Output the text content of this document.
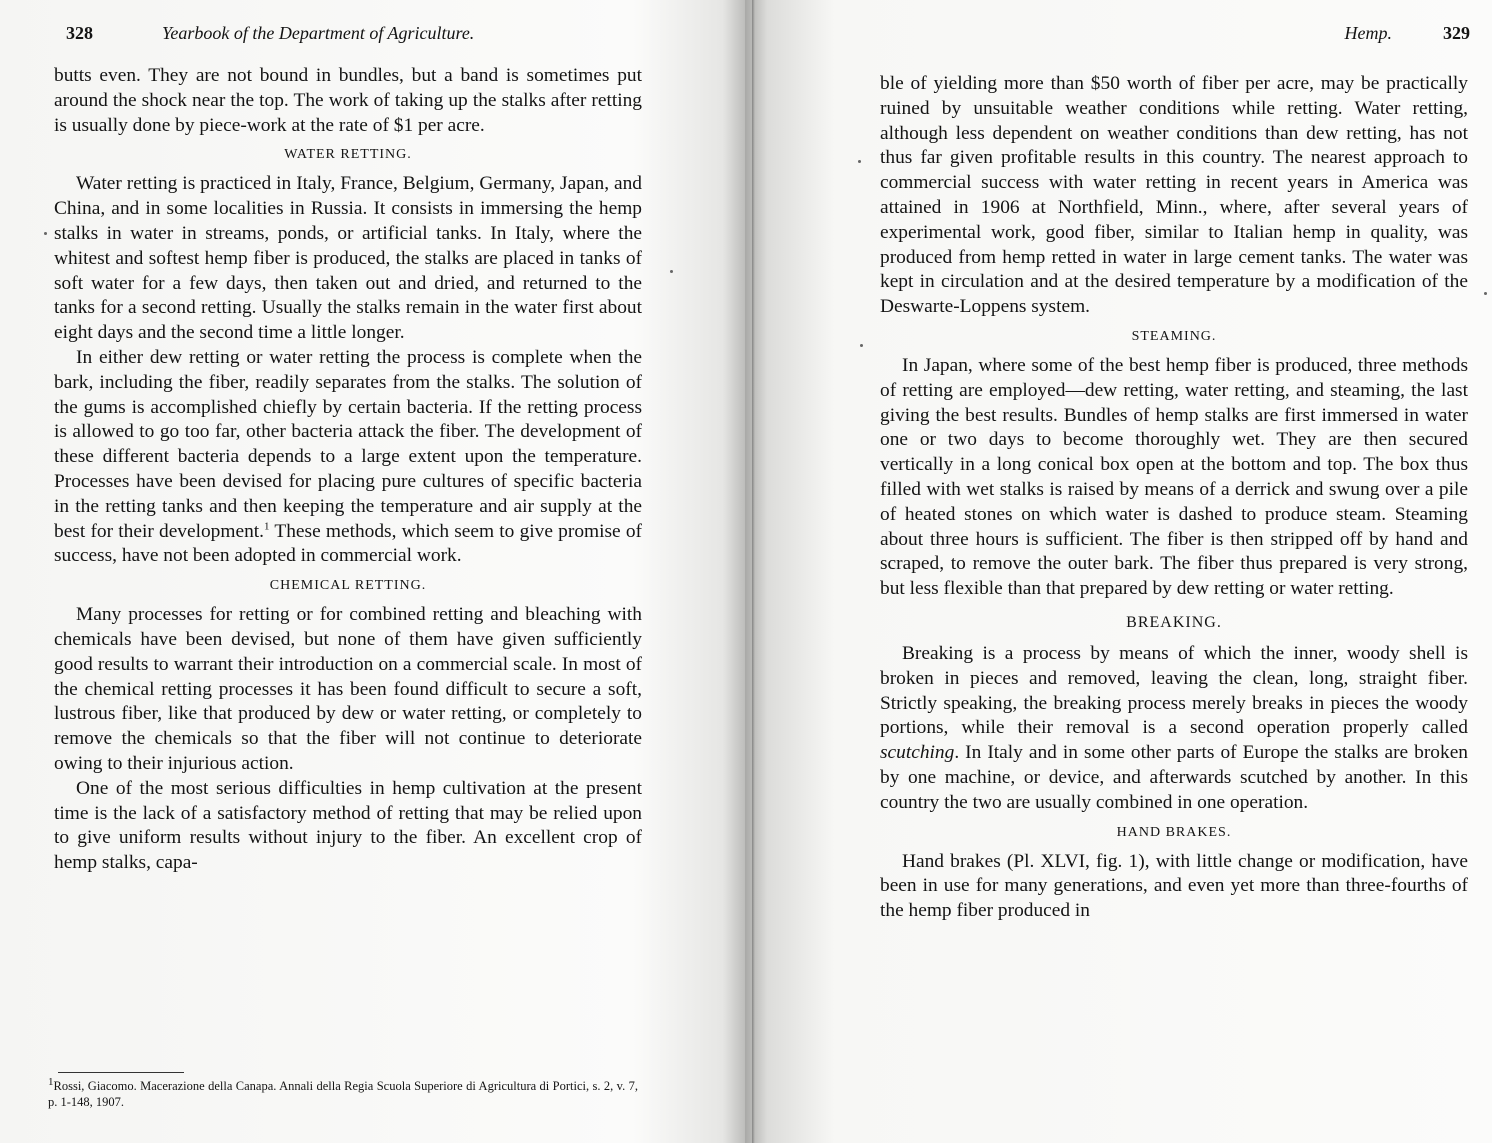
328	Yearbook of the Department of Agriculture.

butts even. They are not bound in bundles, but a band is sometimes put around the shock near the top. The work of taking up the stalks after retting is usually done by piece-work at the rate of $1 per acre.

WATER RETTING.

Water retting is practiced in Italy, France, Belgium, Germany, Japan, and China, and in some localities in Russia. It consists in immersing the hemp stalks in water in streams, ponds, or artificial tanks. In Italy, where the whitest and softest hemp fiber is produced, the stalks are placed in tanks of soft water for a few days, then taken out and dried, and returned to the tanks for a second retting. Usually the stalks remain in the water first about eight days and the second time a little longer.

In either dew retting or water retting the process is complete when the bark, including the fiber, readily separates from the stalks. The solution of the gums is accomplished chiefly by certain bacteria. If the retting process is allowed to go too far, other bacteria attack the fiber. The development of these different bacteria depends to a large extent upon the temperature. Processes have been devised for placing pure cultures of specific bacteria in the retting tanks and then keeping the temperature and air supply at the best for their development.$^1$ These methods, which seem to give promise of success, have not been adopted in commercial work.

CHEMICAL RETTING.

Many processes for retting or for combined retting and bleaching with chemicals have been devised, but none of them have given sufficiently good results to warrant their introduction on a commercial scale. In most of the chemical retting processes it has been found difficult to secure a soft, lustrous fiber, like that produced by dew or water retting, or completely to remove the chemicals so that the fiber will not continue to deteriorate owing to their injurious action.

One of the most serious difficulties in hemp cultivation at the present time is the lack of a satisfactory method of retting that may be relied upon to give uniform results without injury to the fiber. An excellent crop of hemp stalks, capa-

$^1$Rossi, Giacomo. Macerazione della Canapa. Annali della Regia Scuola Superiore di Agricultura di Portici, s. 2, v. 7, p. 1-148, 1907.
Hemp.	329

ble of yielding more than $50 worth of fiber per acre, may be practically ruined by unsuitable weather conditions while retting. Water retting, although less dependent on weather conditions than dew retting, has not thus far given profitable results in this country. The nearest approach to commercial success with water retting in recent years in America was attained in 1906 at Northfield, Minn., where, after several years of experimental work, good fiber, similar to Italian hemp in quality, was produced from hemp retted in water in large cement tanks. The water was kept in circulation and at the desired temperature by a modification of the Deswarte-Loppens system.

STEAMING.

In Japan, where some of the best hemp fiber is produced, three methods of retting are employed—dew retting, water retting, and steaming, the last giving the best results. Bundles of hemp stalks are first immersed in water one or two days to become thoroughly wet. They are then secured vertically in a long conical box open at the bottom and top. The box thus filled with wet stalks is raised by means of a derrick and swung over a pile of heated stones on which water is dashed to produce steam. Steaming about three hours is sufficient. The fiber is then stripped off by hand and scraped, to remove the outer bark. The fiber thus prepared is very strong, but less flexible than that prepared by dew retting or water retting.

BREAKING.

Breaking is a process by means of which the inner, woody shell is broken in pieces and removed, leaving the clean, long, straight fiber. Strictly speaking, the breaking process merely breaks in pieces the woody portions, while their removal is a second operation properly called scutching. In Italy and in some other parts of Europe the stalks are broken by one machine, or device, and afterwards scutched by another. In this country the two are usually combined in one operation.

HAND BRAKES.

Hand brakes (Pl. XLVI, fig. 1), with little change or modification, have been in use for many generations, and even yet more than three-fourths of the hemp fiber produced in
